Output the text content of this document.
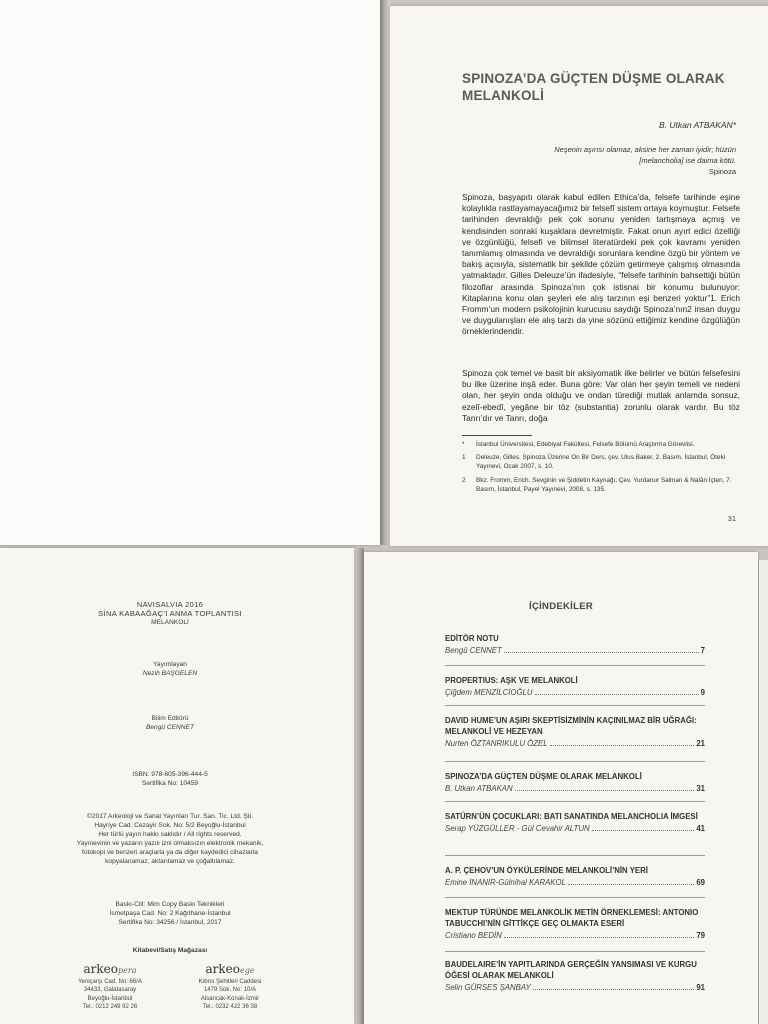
SPINOZA’DA GÜÇTEN DÜŞME OLARAK MELANKOLİ
B. Utkan ATBAKAN*
Neşenin aşırısı olamaz, aksine her zaman iyidir; hüzün
[melancholia] ise daima kötü.
Spinoza
Spinoza, başyapıtı olarak kabul edilen Ethica’da, felsefe tarihinde eşine kolaylıkla rastlayamayacağımız bir felsefî sistem ortaya koymuştur. Felsefe tarihinden devraldığı pek çok sorunu yeniden tartışmaya açmış ve kendisinden sonraki kuşaklara devretmiştir. Fakat onun ayırt edici özelliği ve özgünlüğü, felsefi ve bilimsel literatürdeki pek çok kavramı yeniden tanımlamış olmasında ve devraldığı sorunlara kendine özgü bir yöntem ve bakış açısıyla, sistematik bir şekilde çözüm getirmeye çalışmış olmasında yatmaktadır. Gilles Deleuze’ün ifadesiyle, “felsefe tarihinin bahsettiği bütün filozoflar arasında Spinoza’nın çok istisnai bir konumu bulunuyor: Kitaplarına konu olan şeyleri ele alış tarzının eşi benzeri yoktur”1. Erich Fromm’un modern psikolojinin kurucusu saydığı Spinoza’nın2 insan duygu ve duygulanışları ele alış tarzı da yine sözünü ettiğimiz kendine özgülüğün örneklerindendir.
Spinoza çok temel ve basit bir aksiyomatik ilke belirler ve bütün felsefesini bu ilke üzerine inşâ eder. Buna göre: Var olan her şeyin temeli ve nedeni olan, her şeyin onda olduğu ve ondan türediği mutlak anlamda sonsuz, ezelî-ebedî, yegâne bir töz (substantia) zorunlu olarak vardır. Bu töz Tanrı’dır ve Tanrı, doğa
*	İstanbul Üniversitesi, Edebiyat Fakültesi, Felsefe Bölümü Araştırma Görevlisi.
1	Deleuze, Gilles. Spinoza Üzerine On Bir Ders, çev. Ulus Baker, 2. Basım, İstanbul, Öteki Yayınevi, Ocak 2007, s. 10.
2	Bkz. Fromm, Erich. Sevginin ve Şiddetin Kaynağı, Çev. Yurdanur Salman & Nalân İçten, 7. Basım, İstanbul, Payel Yayınevi, 2008, s. 135.
31
NAVISALVIA 2016
SİNA KABAAĞAÇ’I ANMA TOPLANTISI
MELANKOLİ
Yayımlayan
Nezih BAŞGELEN
Bilim Editörü
Bengü CENNET
ISBN: 978-605-396-444-5
Sertifika No: 10459
©2017 Arkeoloji ve Sanat Yayınları Tur. San. Tic. Ltd. Şti.
Hayriye Cad. Cezayir Sok. No: 5/2 Beyoğlu-İstanbul
Her türlü yayın hakkı saklıdır / All rights reserved.
Yayınevinin ve yazarın yazılı izni olmaksızın elektronik mekanik,
fotokopi ve benzeri araçlarla ya da diğer kaydedici cihazlarla
kopyalanamaz, aktarılamaz ve çoğaltılamaz.
Baskı-Cilt: Mim Copy Baskı Teknikleri
İsmetpaşa Cad. No: 2 Kağıthane-İstanbul
Sertifika No: 34256 / İstanbul, 2017
Kitabevi/Satış Mağazası
arkeopera
Yeniçarşı Cad. No: 66/A
34433, Galatasaray
Beyoğlu-İstanbul
Tel.: 0212 249 92 26
arkeoege
Kıbrıs Şehitleri Caddesi
1479 Sok. No: 10/A
Alsancak-Konak-İzmir
Tel.: 0232 422 36 38
İÇİNDEKİLER
EDİTÖR NOTU
Bengü CENNET	7
PROPERTIUS: AŞK VE MELANKOLİ
Çiğdem MENZİLCİOĞLU	9
DAVID HUME’UN AŞIRI SKEPTİSİZMİNİN KAÇINILMAZ BİR UĞRAĞI: MELANKOLİ VE HEZEYAN
Nurten ÖZTANRIKULU ÖZEL	21
SPINOZA’DA GÜÇTEN DÜŞME OLARAK MELANKOLİ
B. Utkan ATBAKAN	31
SATÜRN’ÜN ÇOCUKLARI: BATI SANATINDA MELANCHOLIA İMGESİ
Serap YÜZGÜLLER - Gül Cevahir ALTUN	41
A. P. ÇEHOV’UN ÖYKÜLERİNDE MELANKOLİ’NİN YERİ
Emine İNANIR-Gülnihal KARAKOL	69
MEKTUP TÜRÜNDE MELANKOLİK METİN ÖRNEKLEMESİ: ANTONIO TABUCCHI’NİN GİTTİKÇE GEÇ OLMAKTA ESERİ
Cristiano BEDİN	79
BAUDELAIRE’İN YAPITLARINDA GERÇEĞİN YANSIMASI VE KURGU ÖĞESİ OLARAK MELANKOLİ
Selin GÜRSES ŞANBAY	91
